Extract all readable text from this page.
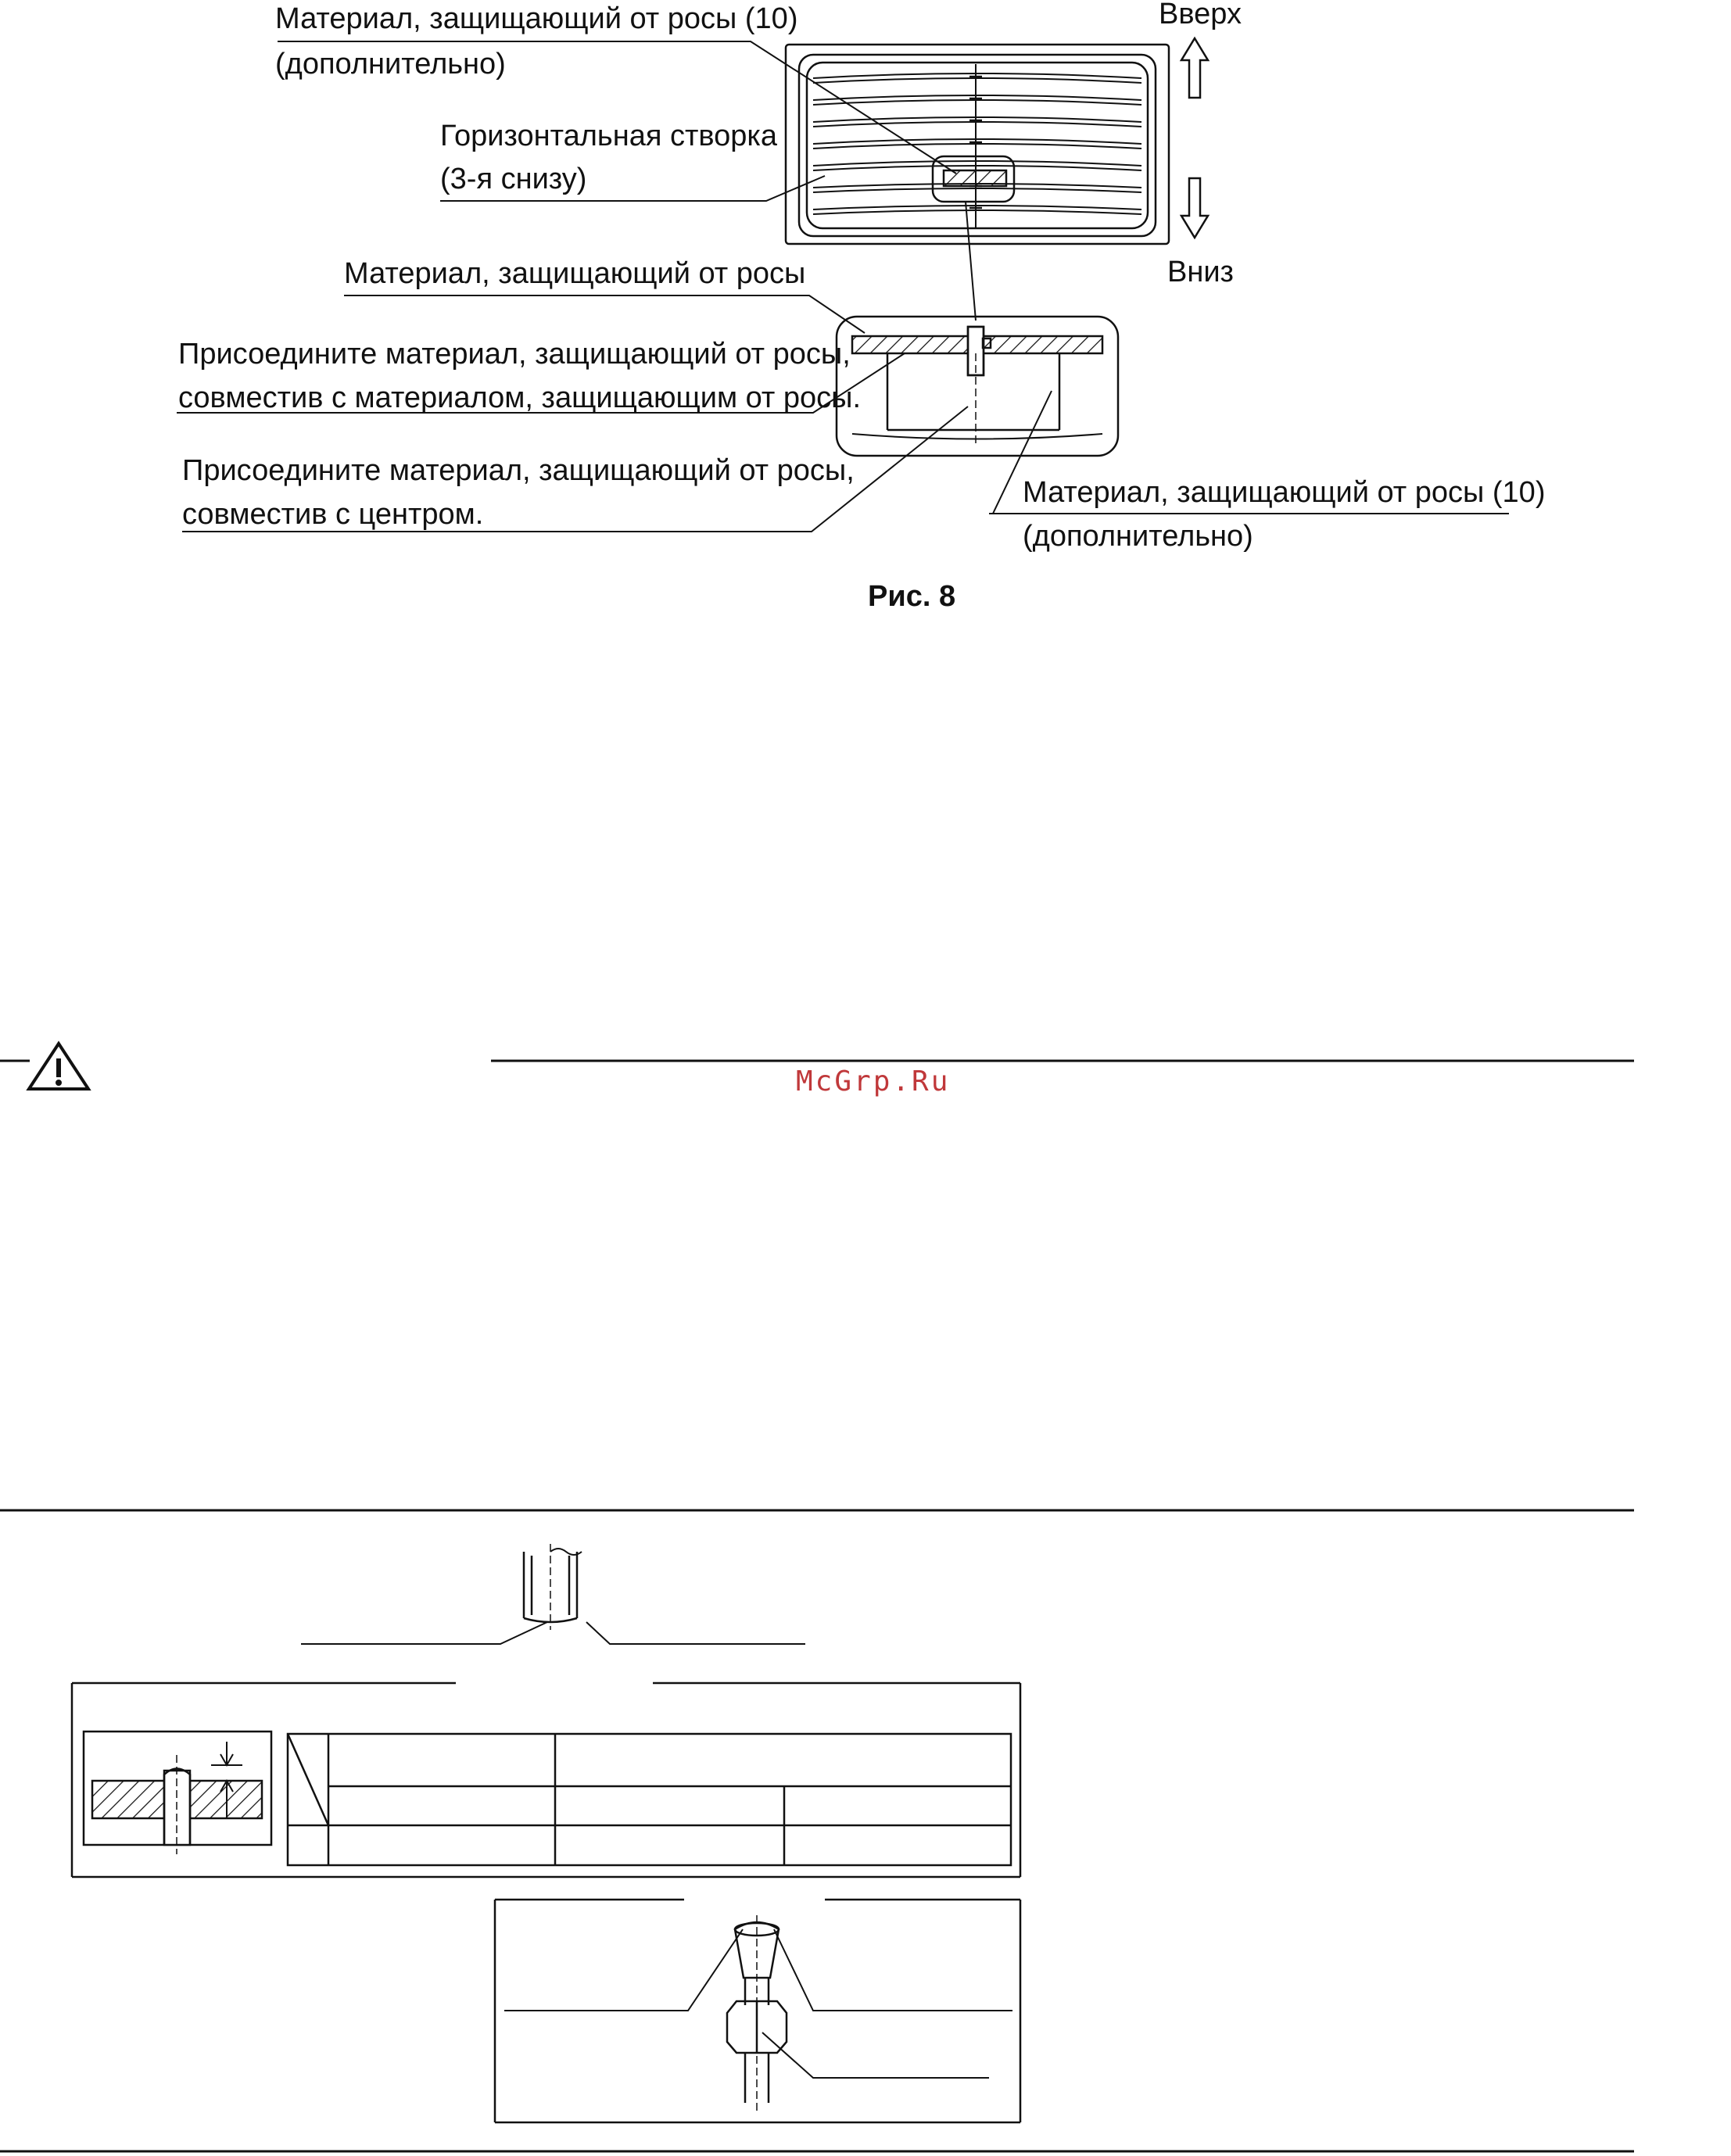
Материал, защищающий от росы (10)
(дополнительно)
Горизонтальная створка
(3-я снизу)
Вверх
Вниз
Материал, защищающий от росы
Присоедините материал, защищающий от росы,
совместив с материалом, защищающим от росы.
Присоедините материал, защищающий от росы,
совместив с центром.
Материал, защищающий от росы (10)
(дополнительно)
Рис. 8
McGrp.Ru
